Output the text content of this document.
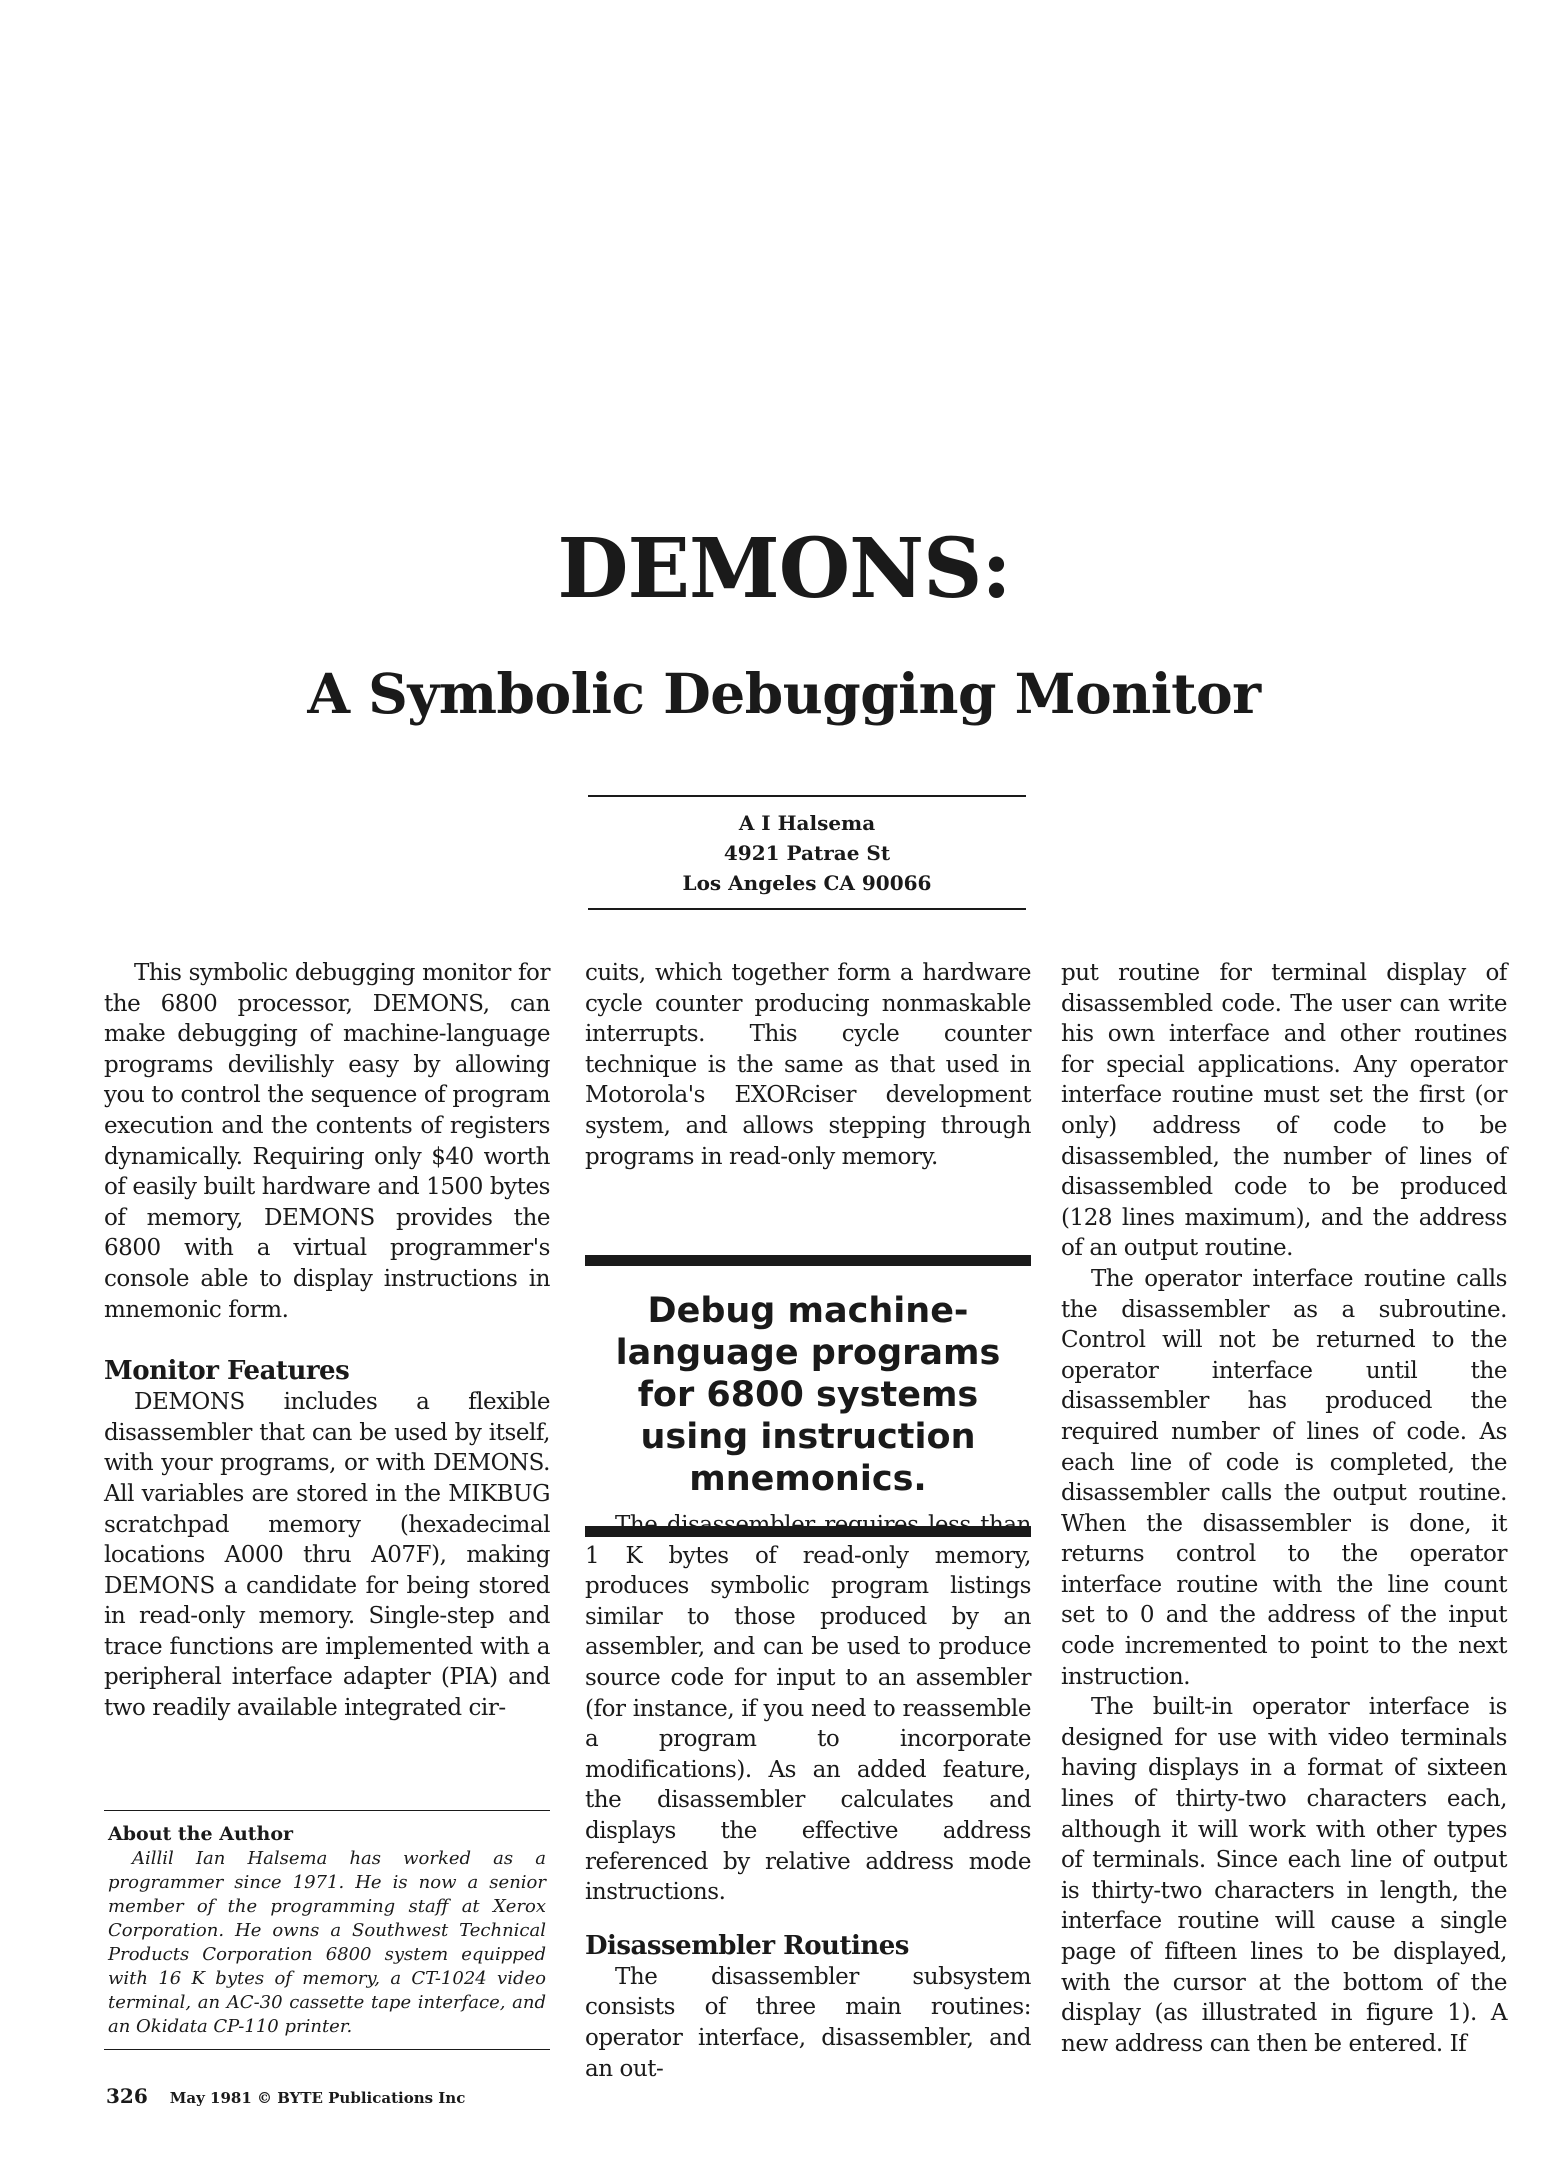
DEMONS:
A Symbolic Debugging Monitor
A I Halsema
4921 Patrae St
Los Angeles CA 90066

This symbolic debugging monitor for the 6800 processor, DEMONS, can make debugging of machine-language programs devilishly easy by allowing you to control the sequence of program execution and the contents of registers dynamically. Requiring only $40 worth of easily built hardware and 1500 bytes of memory, DEMONS provides the 6800 with a virtual programmer's console able to display instructions in mnemonic form.

Monitor Features

DEMONS includes a flexible disassembler that can be used by itself, with your programs, or with DEMONS. All variables are stored in the MIKBUG scratchpad memory (hexadecimal locations A000 thru A07F), making DEMONS a candidate for being stored in read-only memory. Single-step and trace functions are implemented with a peripheral interface adapter (PIA) and two readily available integrated cir-

About the Author
Aillil Ian Halsema has worked as a programmer since 1971. He is now a senior member of the programming staff at Xerox Corporation. He owns a Southwest Technical Products Corporation 6800 system equipped with 16 K bytes of memory, a CT-1024 video terminal, an AC-30 cassette tape interface, and an Okidata CP-110 printer.

cuits, which together form a hardware cycle counter producing nonmaskable interrupts. This cycle counter technique is the same as that used in Motorola's EXORciser development system, and allows stepping through programs in read-only memory.

Debug machine-language programs for 6800 systems using instruction mnemonics.

The disassembler requires less than 1 K bytes of read-only memory, produces symbolic program listings similar to those produced by an assembler, and can be used to produce source code for input to an assembler (for instance, if you need to reassemble a program to incorporate modifications). As an added feature, the disassembler calculates and displays the effective address referenced by relative address mode instructions.

Disassembler Routines

The disassembler subsystem consists of three main routines: operator interface, disassembler, and an out-

put routine for terminal display of disassembled code. The user can write his own interface and other routines for special applications. Any operator interface routine must set the first (or only) address of code to be disassembled, the number of lines of disassembled code to be produced (128 lines maximum), and the address of an output routine.

The operator interface routine calls the disassembler as a subroutine. Control will not be returned to the operator interface until the disassembler has produced the required number of lines of code. As each line of code is completed, the disassembler calls the output routine. When the disassembler is done, it returns control to the operator interface routine with the line count set to 0 and the address of the input code incremented to point to the next instruction.

The built-in operator interface is designed for use with video terminals having displays in a format of sixteen lines of thirty-two characters each, although it will work with other types of terminals. Since each line of output is thirty-two characters in length, the interface routine will cause a single page of fifteen lines to be displayed, with the cursor at the bottom of the display (as illustrated in figure 1). A new address can then be entered. If

326 May 1981 © BYTE Publications Inc
